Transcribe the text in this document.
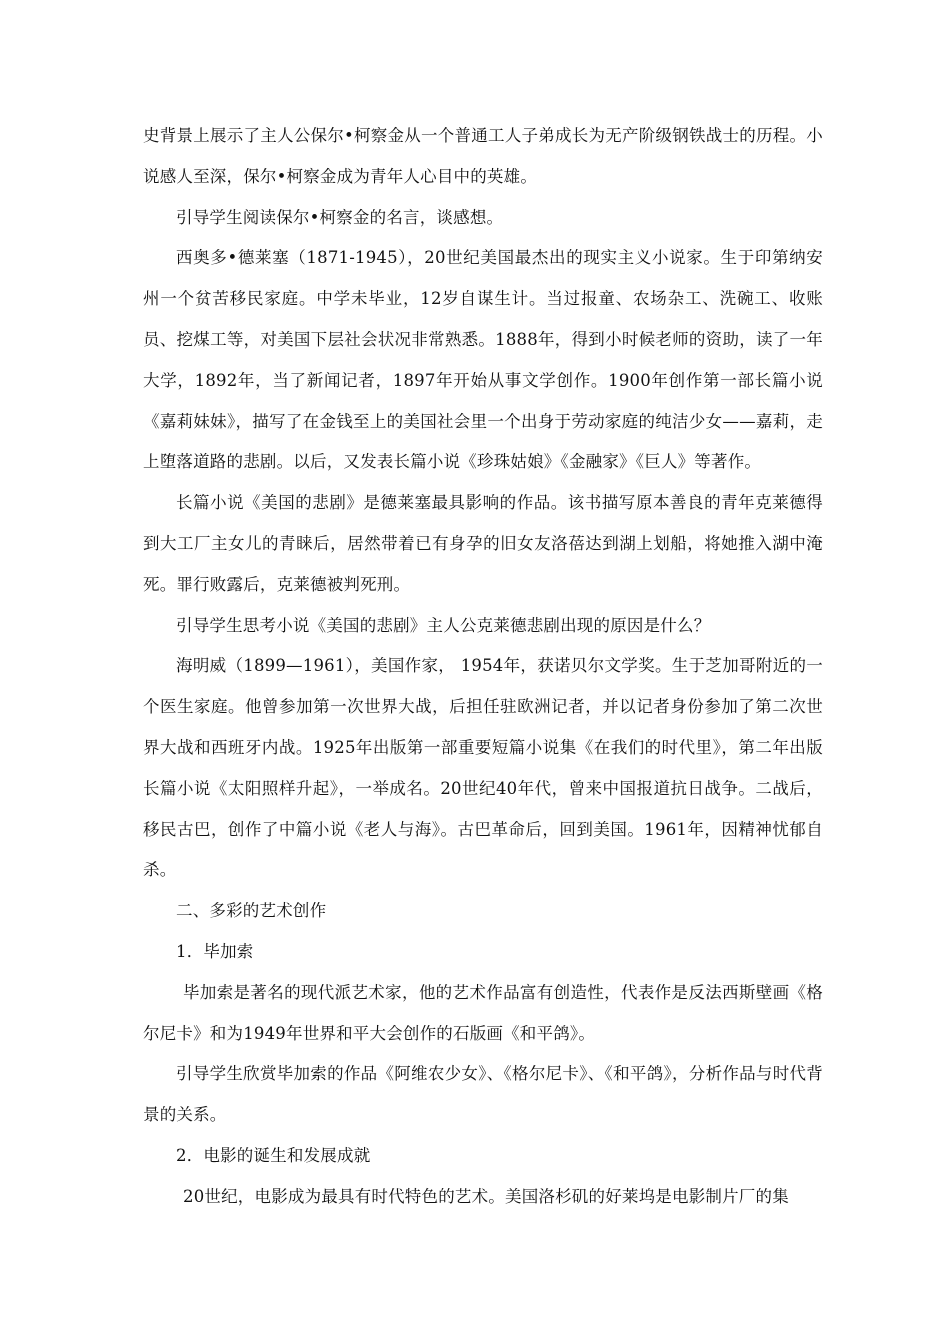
史背景上展示了主人公保尔•柯察金从一个普通工人子弟成长为无产阶级钢铁战士的历程。小说感人至深，保尔•柯察金成为青年人心目中的英雄。

引导学生阅读保尔•柯察金的名言，谈感想。

西奥多•德莱塞（1871-1945），20世纪美国最杰出的现实主义小说家。生于印第纳安州一个贫苦移民家庭。中学未毕业，12岁自谋生计。当过报童、农场杂工、洗碗工、收账员、挖煤工等，对美国下层社会状况非常熟悉。1888年，得到小时候老师的资助，读了一年大学，1892年，当了新闻记者，1897年开始从事文学创作。1900年创作第一部长篇小说《嘉莉妹妹》，描写了在金钱至上的美国社会里一个出身于劳动家庭的纯洁少女——嘉莉，走上堕落道路的悲剧。以后，又发表长篇小说《珍珠姑娘》《金融家》《巨人》等著作。

长篇小说《美国的悲剧》是德莱塞最具影响的作品。该书描写原本善良的青年克莱德得到大工厂主女儿的青睐后，居然带着已有身孕的旧女友洛蓓达到湖上划船，将她推入湖中淹死。罪行败露后，克莱德被判死刑。

引导学生思考小说《美国的悲剧》主人公克莱德悲剧出现的原因是什么？

海明威（1899—1961），美国作家， 1954年，获诺贝尔文学奖。生于芝加哥附近的一个医生家庭。他曾参加第一次世界大战，后担任驻欧洲记者，并以记者身份参加了第二次世界大战和西班牙内战。1925年出版第一部重要短篇小说集《在我们的时代里》，第二年出版长篇小说《太阳照样升起》，一举成名。20世纪40年代，曾来中国报道抗日战争。二战后，移民古巴，创作了中篇小说《老人与海》。古巴革命后，回到美国。1961年，因精神忧郁自杀。

二、多彩的艺术创作

1．毕加索

毕加索是著名的现代派艺术家，他的艺术作品富有创造性，代表作是反法西斯壁画《格尔尼卡》和为1949年世界和平大会创作的石版画《和平鸽》。

引导学生欣赏毕加索的作品《阿维农少女》、《格尔尼卡》、《和平鸽》，分析作品与时代背景的关系。

2．电影的诞生和发展成就

20世纪，电影成为最具有时代特色的艺术。美国洛杉矶的好莱坞是电影制片厂的集
